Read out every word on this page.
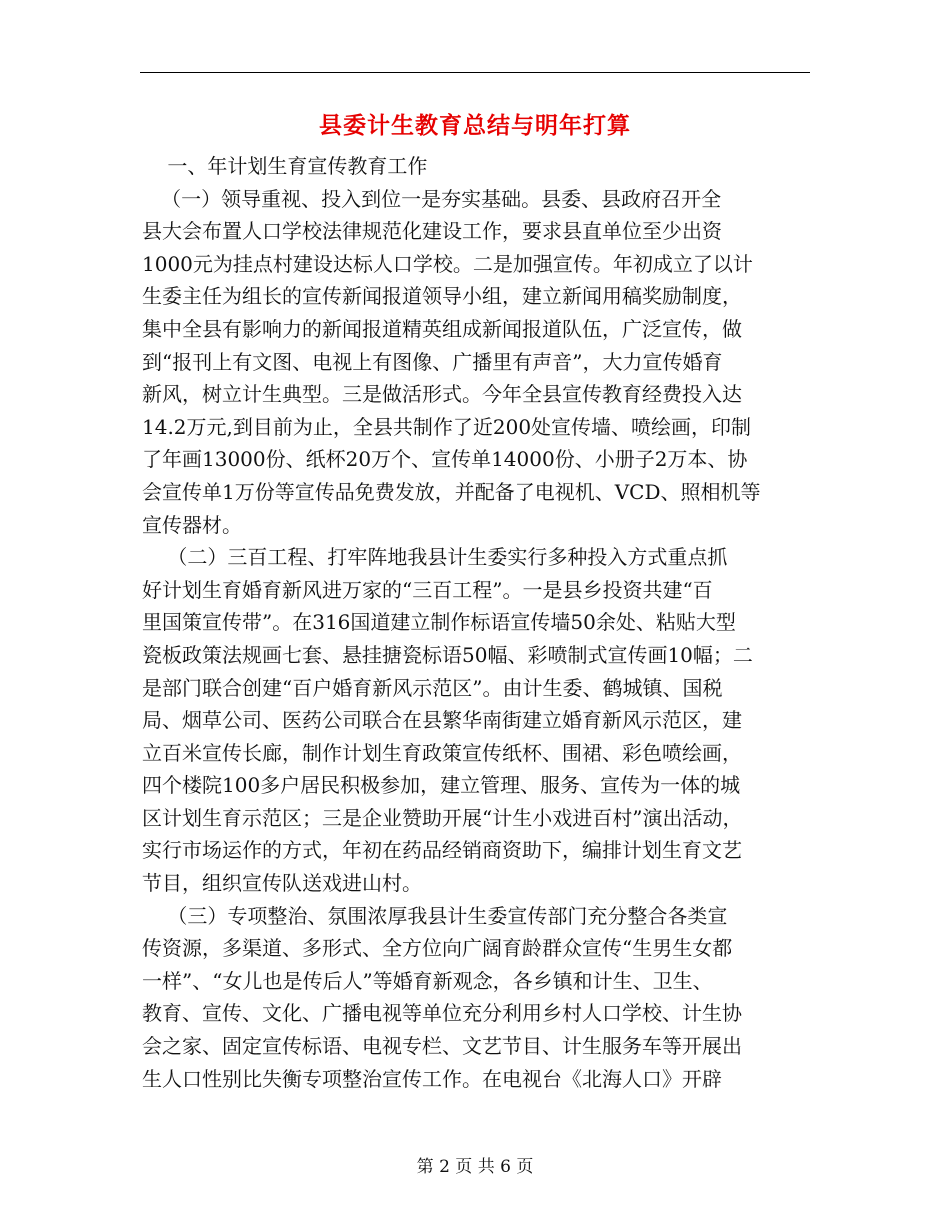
县委计生教育总结与明年打算
一、年计划生育宣传教育工作
（一）领导重视、投入到位一是夯实基础。县委、县政府召开全
县大会布置人口学校法律规范化建设工作，要求县直单位至少出资
1000元为挂点村建设达标人口学校。二是加强宣传。年初成立了以计
生委主任为组长的宣传新闻报道领导小组，建立新闻用稿奖励制度，
集中全县有影响力的新闻报道精英组成新闻报道队伍，广泛宣传，做
到“报刊上有文图、电视上有图像、广播里有声音”，大力宣传婚育
新风，树立计生典型。三是做活形式。今年全县宣传教育经费投入达
14.2万元,到目前为止，全县共制作了近200处宣传墙、喷绘画，印制
了年画13000份、纸杯20万个、宣传单14000份、小册子2万本、协
会宣传单1万份等宣传品免费发放，并配备了电视机、VCD、照相机等
宣传器材。
（二）三百工程、打牢阵地我县计生委实行多种投入方式重点抓
好计划生育婚育新风进万家的“三百工程”。一是县乡投资共建“百
里国策宣传带”。在316国道建立制作标语宣传墙50余处、粘贴大型
瓷板政策法规画七套、悬挂搪瓷标语50幅、彩喷制式宣传画10幅；二
是部门联合创建“百户婚育新风示范区”。由计生委、鹤城镇、国税
局、烟草公司、医药公司联合在县繁华南街建立婚育新风示范区，建
立百米宣传长廊，制作计划生育政策宣传纸杯、围裙、彩色喷绘画，
四个楼院100多户居民积极参加，建立管理、服务、宣传为一体的城
区计划生育示范区；三是企业赞助开展“计生小戏进百村”演出活动，
实行市场运作的方式，年初在药品经销商资助下，编排计划生育文艺
节目，组织宣传队送戏进山村。
（三）专项整治、氛围浓厚我县计生委宣传部门充分整合各类宣
传资源，多渠道、多形式、全方位向广阔育龄群众宣传“生男生女都
一样”、“女儿也是传后人”等婚育新观念，各乡镇和计生、卫生、
教育、宣传、文化、广播电视等单位充分利用乡村人口学校、计生协
会之家、固定宣传标语、电视专栏、文艺节目、计生服务车等开展出
生人口性别比失衡专项整治宣传工作。在电视台《北海人口》开辟
第 2 页 共 6 页
